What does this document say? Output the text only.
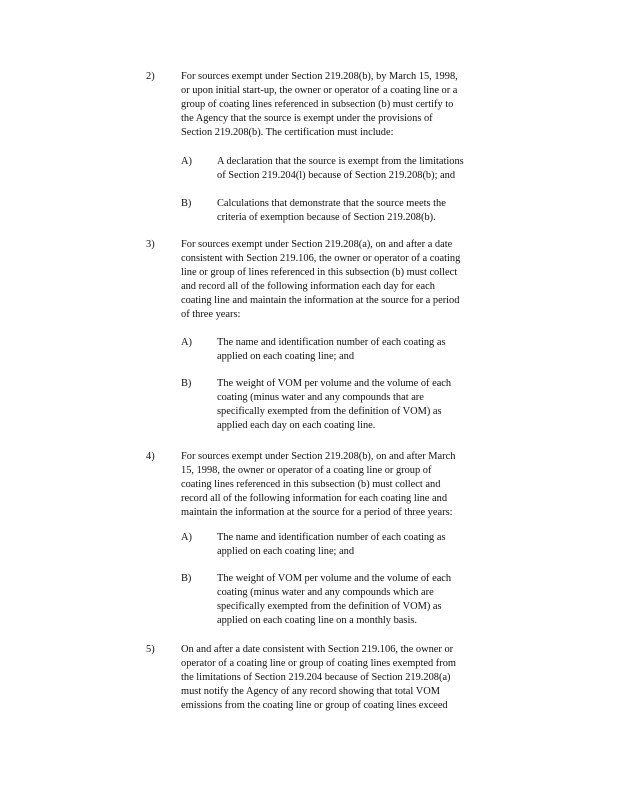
2)	For sources exempt under Section 219.208(b), by March 15, 1998,
or upon initial start-up, the owner or operator of a coating line or a
group of coating lines referenced in subsection (b) must certify to
the Agency that the source is exempt under the provisions of
Section 219.208(b). The certification must include:
A) A declaration that the source is exempt from the limitations
of Section 219.204(l) because of Section 219.208(b); and
B) Calculations that demonstrate that the source meets the
criteria of exemption because of Section 219.208(b).
3)	For sources exempt under Section 219.208(a), on and after a date
consistent with Section 219.106, the owner or operator of a coating
line or group of lines referenced in this subsection (b) must collect
and record all of the following information each day for each
coating line and maintain the information at the source for a period
of three years:
A) The name and identification number of each coating as
applied on each coating line; and
B) The weight of VOM per volume and the volume of each
coating (minus water and any compounds that are
specifically exempted from the definition of VOM) as
applied each day on each coating line.
4)	For sources exempt under Section 219.208(b), on and after March
15, 1998, the owner or operator of a coating line or group of
coating lines referenced in this subsection (b) must collect and
record all of the following information for each coating line and
maintain the information at the source for a period of three years:
A) The name and identification number of each coating as
applied on each coating line; and
B) The weight of VOM per volume and the volume of each
coating (minus water and any compounds which are
specifically exempted from the definition of VOM) as
applied on each coating line on a monthly basis.
5)	On and after a date consistent with Section 219.106, the owner or
operator of a coating line or group of coating lines exempted from
the limitations of Section 219.204 because of Section 219.208(a)
must notify the Agency of any record showing that total VOM
emissions from the coating line or group of coating lines exceed
